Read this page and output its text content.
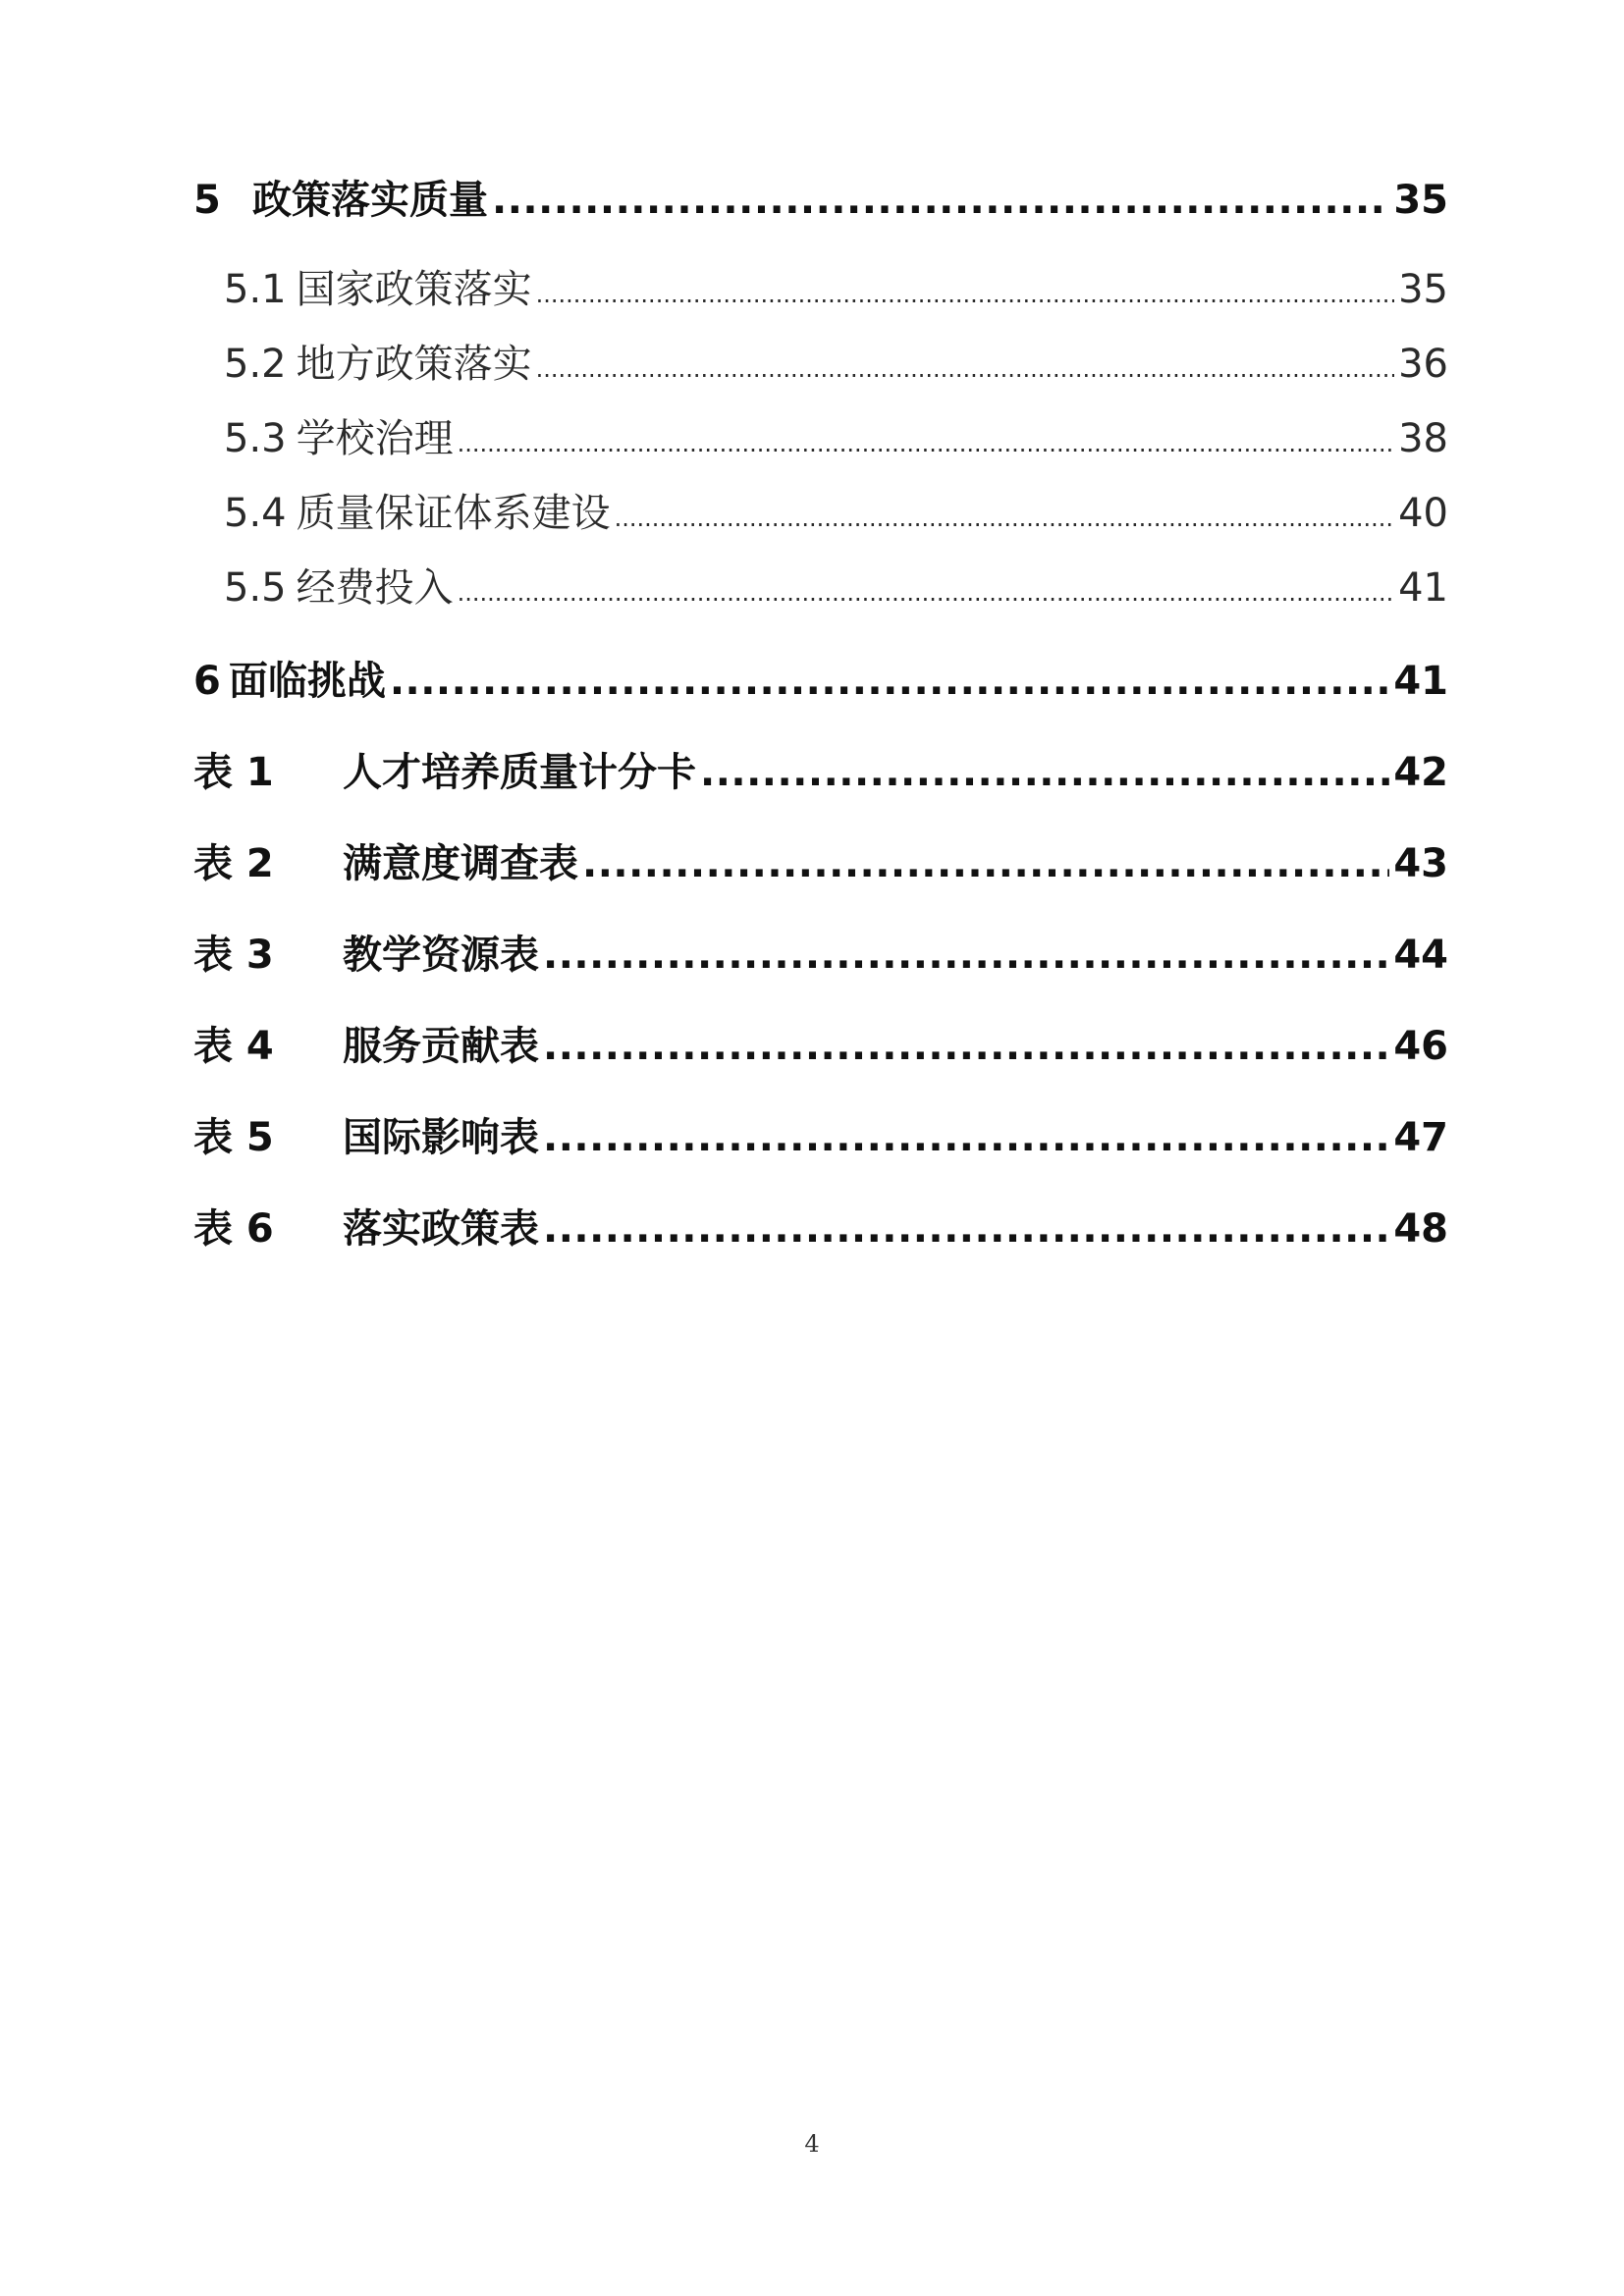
5 政策落实质量 .....	35
5.1 国家政策落实 .....	35
5.2 地方政策落实 .....	36
5.3 学校治理 .....	38
5.4 质量保证体系建设 .....	40
5.5 经费投入 .....	41
6 面临挑战 .....	41
表 1	人才培养质量计分卡 .....	42
表 2	满意度调查表 .....	43
表 3	教学资源表 .....	44
表 4	服务贡献表 .....	46
表 5	国际影响表 .....	47
表 6	落实政策表 .....	48
4
